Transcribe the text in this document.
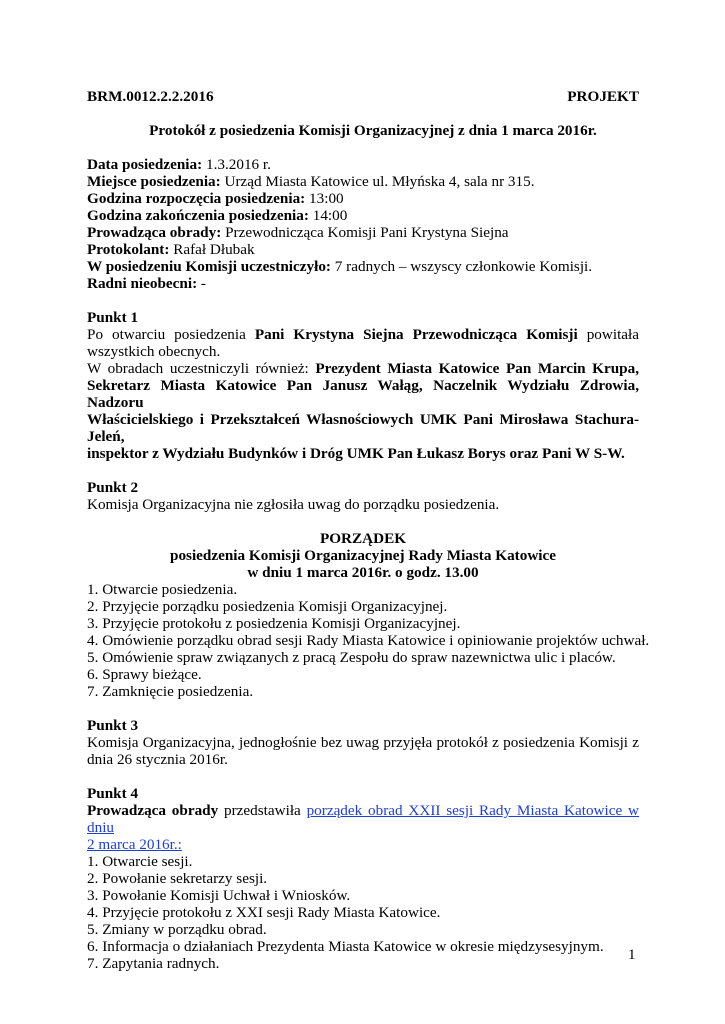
BRM.0012.2.2.2016	PROJEKT
Protokół z posiedzenia Komisji Organizacyjnej z dnia 1 marca 2016r.
Data posiedzenia: 1.3.2016 r.
Miejsce posiedzenia: Urząd Miasta Katowice ul. Młyńska 4, sala nr 315.
Godzina rozpoczęcia posiedzenia: 13:00
Godzina zakończenia posiedzenia: 14:00
Prowadząca obrady: Przewodnicząca Komisji Pani Krystyna Siejna
Protokolant: Rafał Dłubak
W posiedzeniu Komisji uczestniczyło: 7 radnych – wszyscy członkowie Komisji.
Radni nieobecni: -
Punkt 1
Po otwarciu posiedzenia Pani Krystyna Siejna Przewodnicząca Komisji powitała
wszystkich obecnych.
W obradach uczestniczyli również: Prezydent Miasta Katowice Pan Marcin Krupa,
Sekretarz Miasta Katowice Pan Janusz Wałąg, Naczelnik Wydziału Zdrowia, Nadzoru
Właścicielskiego i Przekształceń Własnościowych UMK Pani Mirosława Stachura-Jeleń,
inspektor z Wydziału Budynków i Dróg UMK Pan Łukasz Borys oraz Pani W S-W.
Punkt 2
Komisja Organizacyjna nie zgłosiła uwag do porządku posiedzenia.
PORZĄDEK
posiedzenia Komisji Organizacyjnej Rady Miasta Katowice
w dniu 1 marca 2016r. o godz. 13.00
1. Otwarcie posiedzenia.
2. Przyjęcie porządku posiedzenia Komisji Organizacyjnej.
3. Przyjęcie protokołu z posiedzenia Komisji Organizacyjnej.
4. Omówienie porządku obrad sesji Rady Miasta Katowice i opiniowanie projektów uchwał.
5. Omówienie spraw związanych z pracą Zespołu do spraw nazewnictwa ulic i placów.
6. Sprawy bieżące.
7. Zamknięcie posiedzenia.
Punkt 3
Komisja Organizacyjna, jednogłośnie bez uwag przyjęła protokół z posiedzenia Komisji z
dnia 26 stycznia 2016r.
Punkt 4
Prowadząca obrady przedstawiła porządek obrad XXII sesji Rady Miasta Katowice w dniu
2 marca 2016r.:
1. Otwarcie sesji.
2. Powołanie sekretarzy sesji.
3. Powołanie Komisji Uchwał i Wniosków.
4. Przyjęcie protokołu z XXI sesji Rady Miasta Katowice.
5. Zmiany w porządku obrad.
6. Informacja o działaniach Prezydenta Miasta Katowice w okresie międzysesyjnym.
7. Zapytania radnych.	1
